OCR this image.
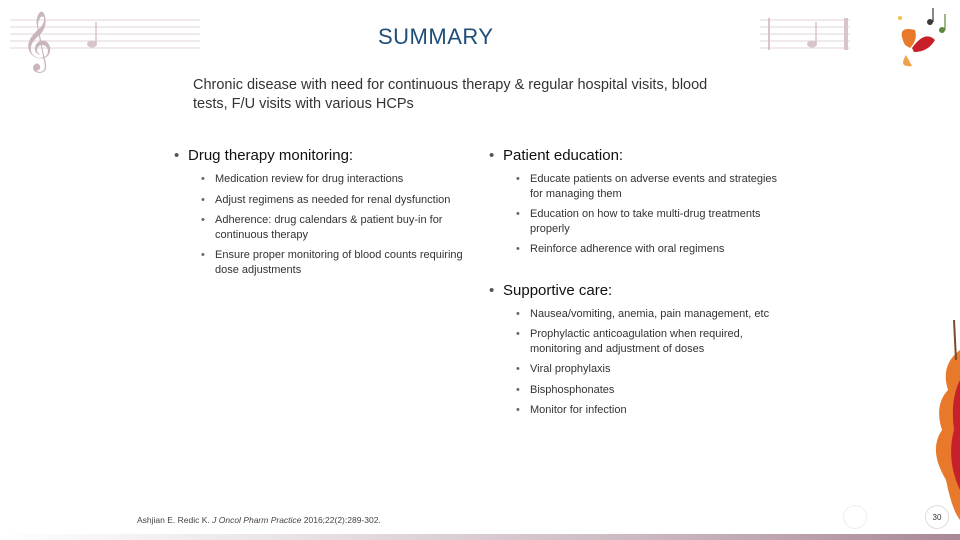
𝄞	SUMMARY

Chronic disease with need for continuous therapy & regular hospital visits, blood tests, F/U visits with various HCPs

• Drug therapy monitoring:
• Medication review for drug interactions
• Adjust regimens as needed for renal dysfunction
• Adherence: drug calendars & patient buy-in for continuous therapy
• Ensure proper monitoring of blood counts requiring dose adjustments
• Patient education:
• Educate patients on adverse events and strategies for managing them
• Education on how to take multi-drug treatments properly
• Reinforce adherence with oral regimens
• Supportive care:
• Nausea/vomiting, anemia, pain management, etc
• Prophylactic anticoagulation when required, monitoring and adjustment of doses
• Viral prophylaxis
• Bisphosphonates
• Monitor for infection
Ashjian E. Redic K. J Oncol Pharm Practice 2016;22(2):289-302.	30
